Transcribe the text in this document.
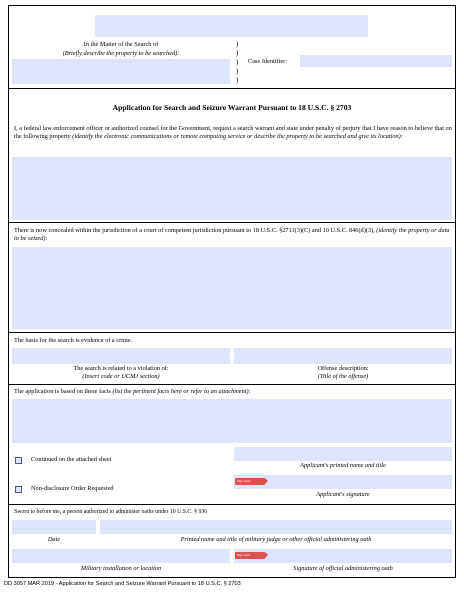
In the Matter of the Search of
(Briefly describe the property to be searched):
)
)
)
)
)
Case Identifier:
Application for Search and Seizure Warrant Pursuant to 18 U.S.C. § 2703
I, a federal law enforcement officer or authorized counsel for the Government, request a search warrant and state under penalty of perjury that I have reason to believe that on the following property (identify the electronic communications or remote computing service or describe the property to be searched and give its location):
There is now concealed within the jurisdiction of a court of competent jurisdiction pursuant to 18 U.S.C. §2711(3)(C) and 10 U.S.C. 846(d)(3), (identify the property or data to be seized):
The basis for the search is evidence of a crime.
The search is related to a violation of:
(Insert code or UCMJ section)
Offense description:
(Title of the offense)
The application is based on these facts (list the pertinent facts here or refer to an attachment):
Continued on the attached sheet
Non-disclosure Order Requested
Applicant's printed name and title
Sign Here
Applicant's signature
Sworn to before me, a person authorized to administer oaths under 10 U.S.C. § 936
Date	Printed name and title of military judge or other official administering oath
Sign Here
Military installation or location	Signature of official administering oath
DD 3057 MAR 2019 - Application for Search and Seizure Warrant Pursuant to 18 U.S.C. § 2703
